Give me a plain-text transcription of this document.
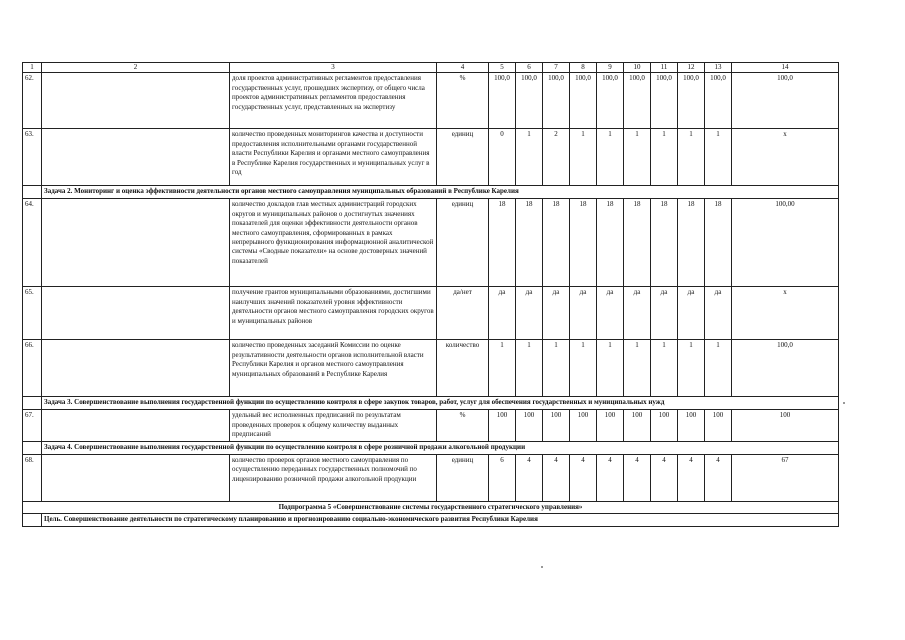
1	2	3	4	5	6	7	8	9	10	11	12	13	14
62.		доля проектов административных регламентов предоставления государственных услуг, прошедших экспертизу, от общего числа проектов административных регламентов предоставления государственных услуг, представленных на экспертизу	%	100,0	100,0	100,0	100,0	100,0	100,0	100,0	100,0	100,0	100,0
63.		количество проведенных мониторингов качества и доступности предоставления исполнительными органами государственной власти Республики Карелия и органами местного самоуправления в Республике Карелия государственных и муниципальных услуг в год	единиц	0	1	2	1	1	1	1	1	1	x
	Задача 2. Мониторинг и оценка эффективности деятельности органов местного самоуправления муниципальных образований в Республике Карелия												
64.		количество докладов глав местных администраций городских округов и муниципальных районов о достигнутых значениях показателей для оценки эффективности деятельности органов местного самоуправления, сформированных в рамках непрерывного функционирования информационной аналитической системы «Сводные показатели» на основе достоверных значений показателей	единиц	18	18	18	18	18	18	18	18	18	100,00
65.		получение грантов муниципальными образованиями, достигшими наилучших значений показателей уровня эффективности деятельности органов местного самоуправления городских округов и муниципальных районов	да/нет	да	да	да	да	да	да	да	да	да	x
66.		количество проведенных заседаний Комиссии по оценке результативности деятельности органов исполнительной власти Республики Карелия и органов местного самоуправления муниципальных образований в Республике Карелия	количество	1	1	1	1	1	1	1	1	1	100,0
	Задача 3. Совершенствование выполнения государственной функции по осуществлению контроля в сфере закупок товаров, работ, услуг для обеспечения государственных и муниципальных нужд												
67.		удельный вес исполненных предписаний по результатам проведенных проверок к общему количеству выданных предписаний	%	100	100	100	100	100	100	100	100	100	100
	Задача 4. Совершенствование выполнения государственной функции по осуществлению контроля в сфере розничной продажи алкогольной продукции												
68.		количество проверок органов местного самоуправления по осуществлению переданных государственных полномочий по лицензированию розничной продажи алкогольной продукции	единиц	6	4	4	4	4	4	4	4	4	67
Подпрограмма 5 «Совершенствование системы государственного стратегического управления»													
	Цель. Совершенствование деятельности по стратегическому планированию и прогнозированию социально-экономического развития Республики Карелия												
